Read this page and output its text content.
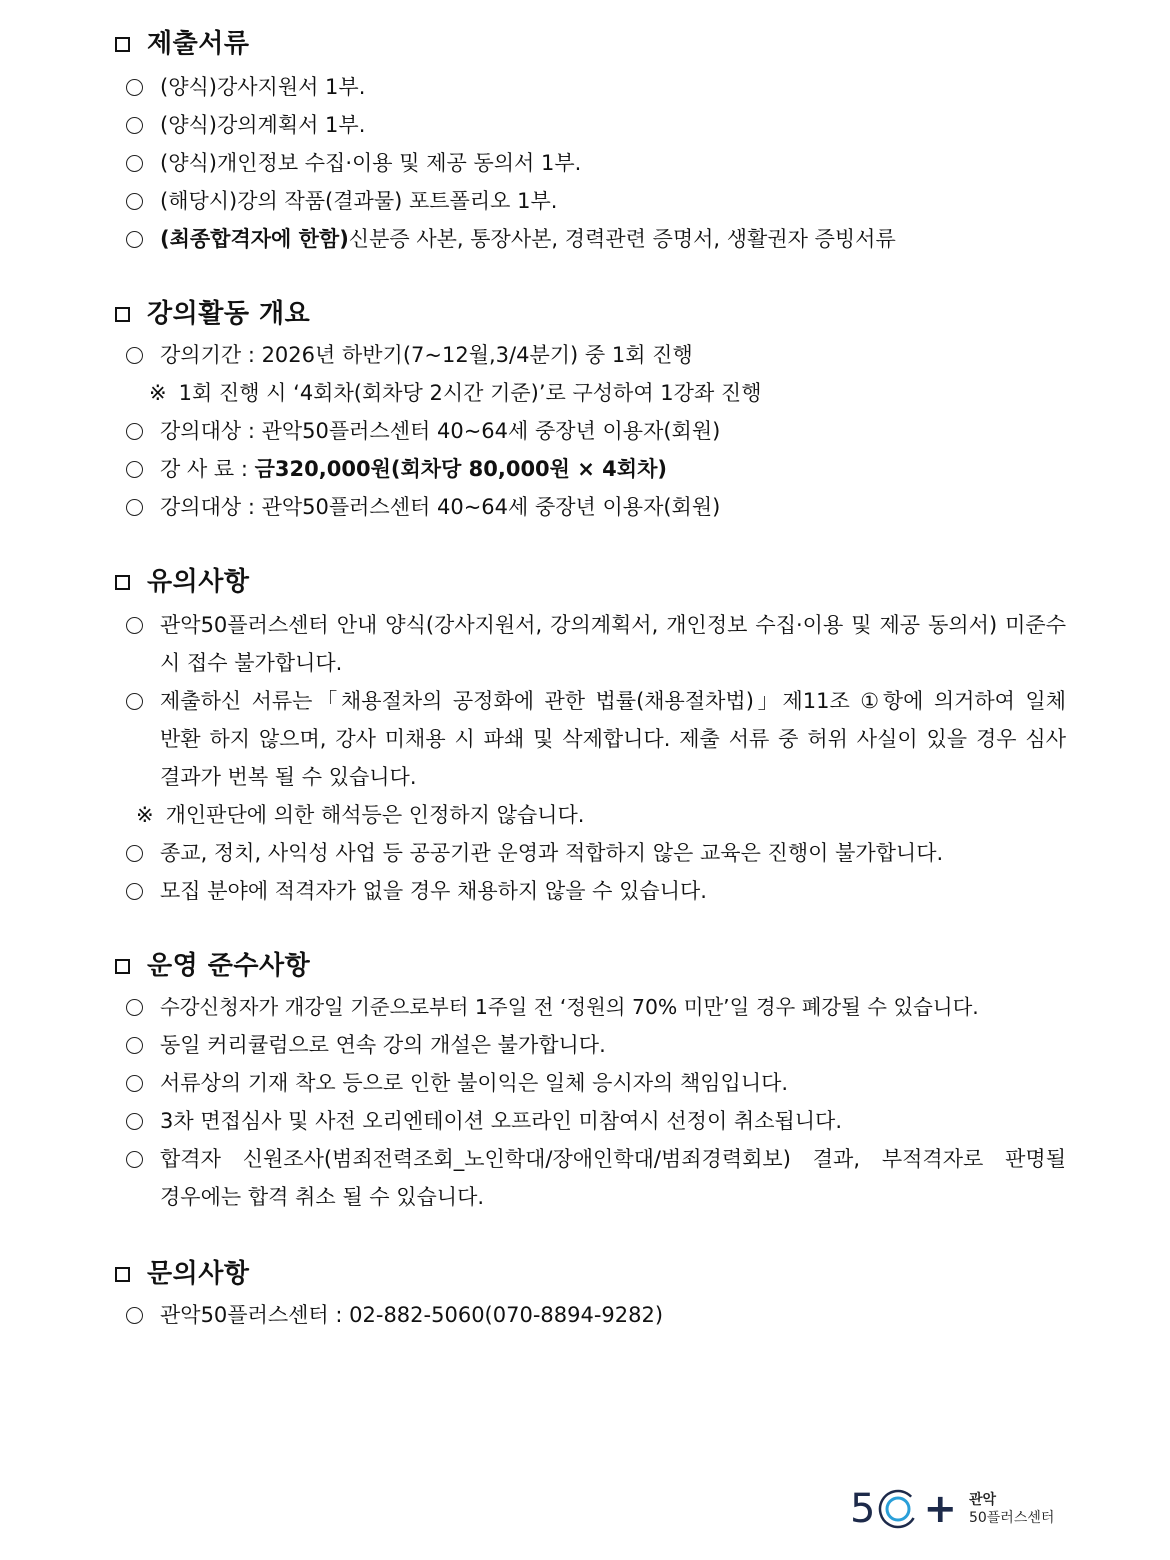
제출서류
(양식)강사지원서 1부.
(양식)강의계획서 1부.
(양식)개인정보 수집·이용 및 제공 동의서 1부.
(해당시)강의 작품(결과물) 포트폴리오 1부.
(최종합격자에 한함)신분증 사본, 통장사본, 경력관련 증명서, 생활권자 증빙서류
강의활동 개요
강의기간 : 2026년 하반기(7~12월,3/4분기) 중 1회 진행
※ 1회 진행 시 ‘4회차(회차당 2시간 기준)’로 구성하여 1강좌 진행
강의대상 : 관악50플러스센터 40~64세 중장년 이용자(회원)
강 사 료 : 금320,000원(회차당 80,000원 × 4회차)
강의대상 : 관악50플러스센터 40~64세 중장년 이용자(회원)
유의사항
관악50플러스센터 안내 양식(강사지원서, 강의계획서, 개인정보 수집·이용 및 제공 동의서) 미준수 시 접수 불가합니다.
제출하신 서류는「채용절차의 공정화에 관한 법률(채용절차법)」제11조 ①항에 의거하여 일체 반환 하지 않으며, 강사 미채용 시 파쇄 및 삭제합니다. 제출 서류 중 허위 사실이 있을 경우 심사 결과가 번복 될 수 있습니다.
※ 개인판단에 의한 해석등은 인정하지 않습니다.
종교, 정치, 사익성 사업 등 공공기관 운영과 적합하지 않은 교육은 진행이 불가합니다.
모집 분야에 적격자가 없을 경우 채용하지 않을 수 있습니다.
운영 준수사항
수강신청자가 개강일 기준으로부터 1주일 전 ‘정원의 70% 미만’일 경우 폐강될 수 있습니다.
동일 커리큘럼으로 연속 강의 개설은 불가합니다.
서류상의 기재 착오 등으로 인한 불이익은 일체 응시자의 책임입니다.
3차 면접심사 및 사전 오리엔테이션 오프라인 미참여시 선정이 취소됩니다.
합격자 신원조사(범죄전력조회_노인학대/장애인학대/범죄경력회보) 결과, 부적격자로 판명될 경우에는 합격 취소 될 수 있습니다.
문의사항
관악50플러스센터 : 02-882-5060(070-8894-9282)
5 + 관악
50플러스센터
